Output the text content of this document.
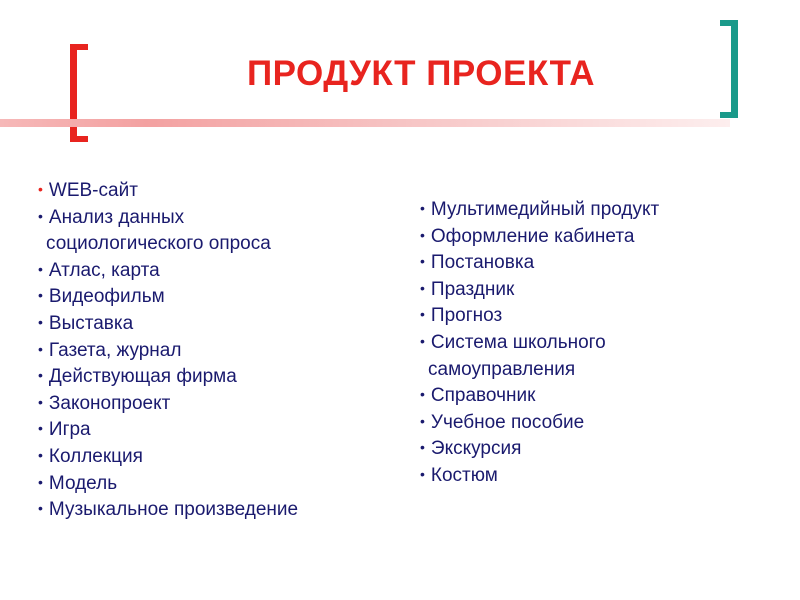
ПРОДУКТ ПРОЕКТА
• WEB-сайт
• Анализ данных
социологического опроса
• Атлас, карта
• Видеофильм
• Выставка
• Газета, журнал
• Действующая фирма
• Законопроект
• Игра
• Коллекция
• Модель
• Музыкальное произведение
• Мультимедийный продукт
• Оформление кабинета
• Постановка
• Праздник
• Прогноз
• Система школьного
самоуправления
• Справочник
• Учебное пособие
• Экскурсия
• Костюм
